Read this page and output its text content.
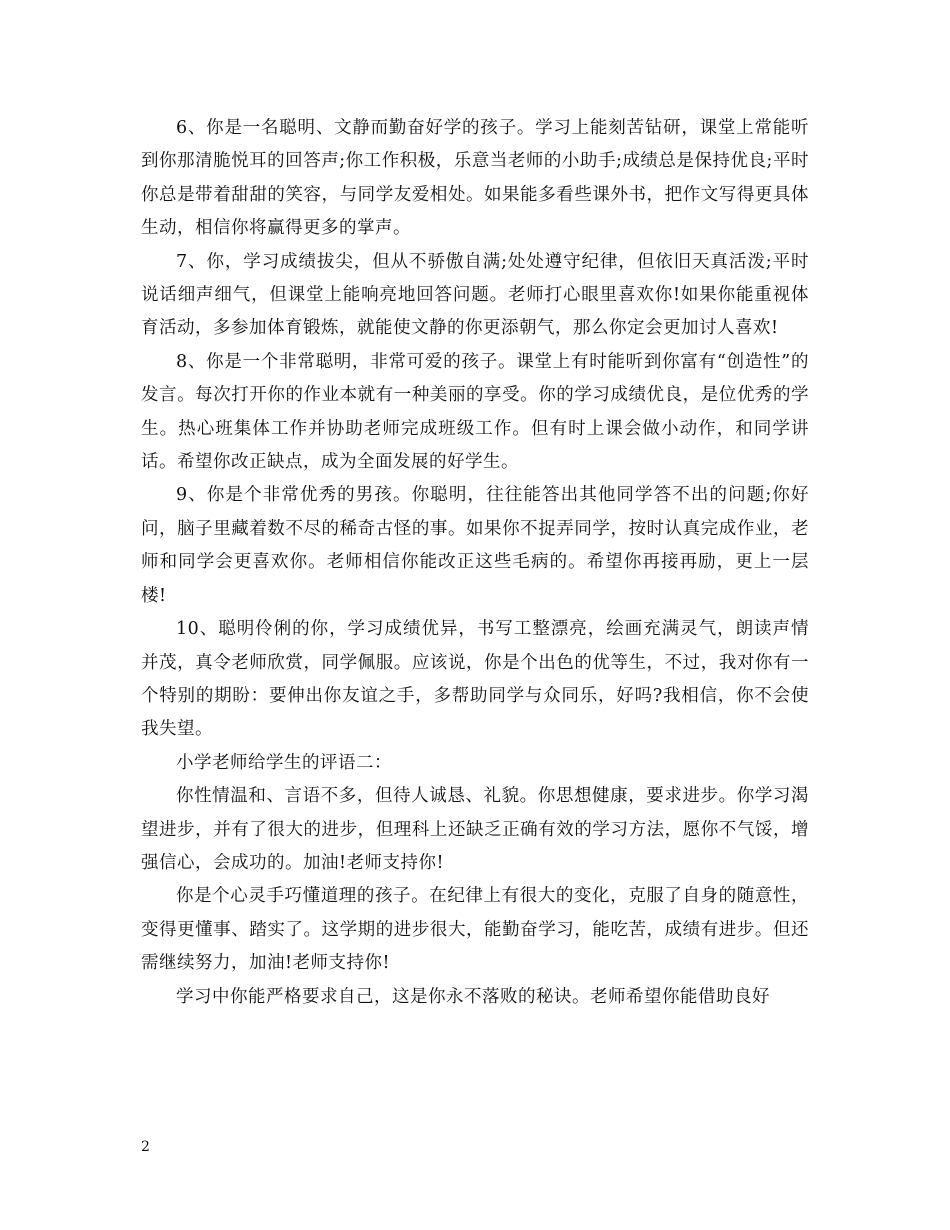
6、你是一名聪明、文静而勤奋好学的孩子。学习上能刻苦钻研，课堂上常能听到你那清脆悦耳的回答声;你工作积极，乐意当老师的小助手;成绩总是保持优良;平时你总是带着甜甜的笑容，与同学友爱相处。如果能多看些课外书，把作文写得更具体生动，相信你将赢得更多的掌声。

7、你，学习成绩拔尖，但从不骄傲自满;处处遵守纪律，但依旧天真活泼;平时说话细声细气，但课堂上能响亮地回答问题。老师打心眼里喜欢你!如果你能重视体育活动，多参加体育锻炼，就能使文静的你更添朝气，那么你定会更加讨人喜欢!

8、你是一个非常聪明，非常可爱的孩子。课堂上有时能听到你富有“创造性”的发言。每次打开你的作业本就有一种美丽的享受。你的学习成绩优良，是位优秀的学生。热心班集体工作并协助老师完成班级工作。但有时上课会做小动作，和同学讲话。希望你改正缺点，成为全面发展的好学生。

9、你是个非常优秀的男孩。你聪明，往往能答出其他同学答不出的问题;你好问，脑子里藏着数不尽的稀奇古怪的事。如果你不捉弄同学，按时认真完成作业，老师和同学会更喜欢你。老师相信你能改正这些毛病的。希望你再接再励，更上一层楼!

10、聪明伶俐的你，学习成绩优异，书写工整漂亮，绘画充满灵气，朗读声情并茂，真令老师欣赏，同学佩服。应该说，你是个出色的优等生，不过，我对你有一个特别的期盼：要伸出你友谊之手，多帮助同学与众同乐，好吗?我相信，你不会使我失望。

小学老师给学生的评语二：

你性情温和、言语不多，但待人诚恳、礼貌。你思想健康，要求进步。你学习渴望进步，并有了很大的进步，但理科上还缺乏正确有效的学习方法，愿你不气馁，增强信心，会成功的。加油!老师支持你!

你是个心灵手巧懂道理的孩子。在纪律上有很大的变化，克服了自身的随意性，变得更懂事、踏实了。这学期的进步很大，能勤奋学习，能吃苦，成绩有进步。但还需继续努力，加油!老师支持你!

学习中你能严格要求自己，这是你永不落败的秘诀。老师希望你能借助良好

2
